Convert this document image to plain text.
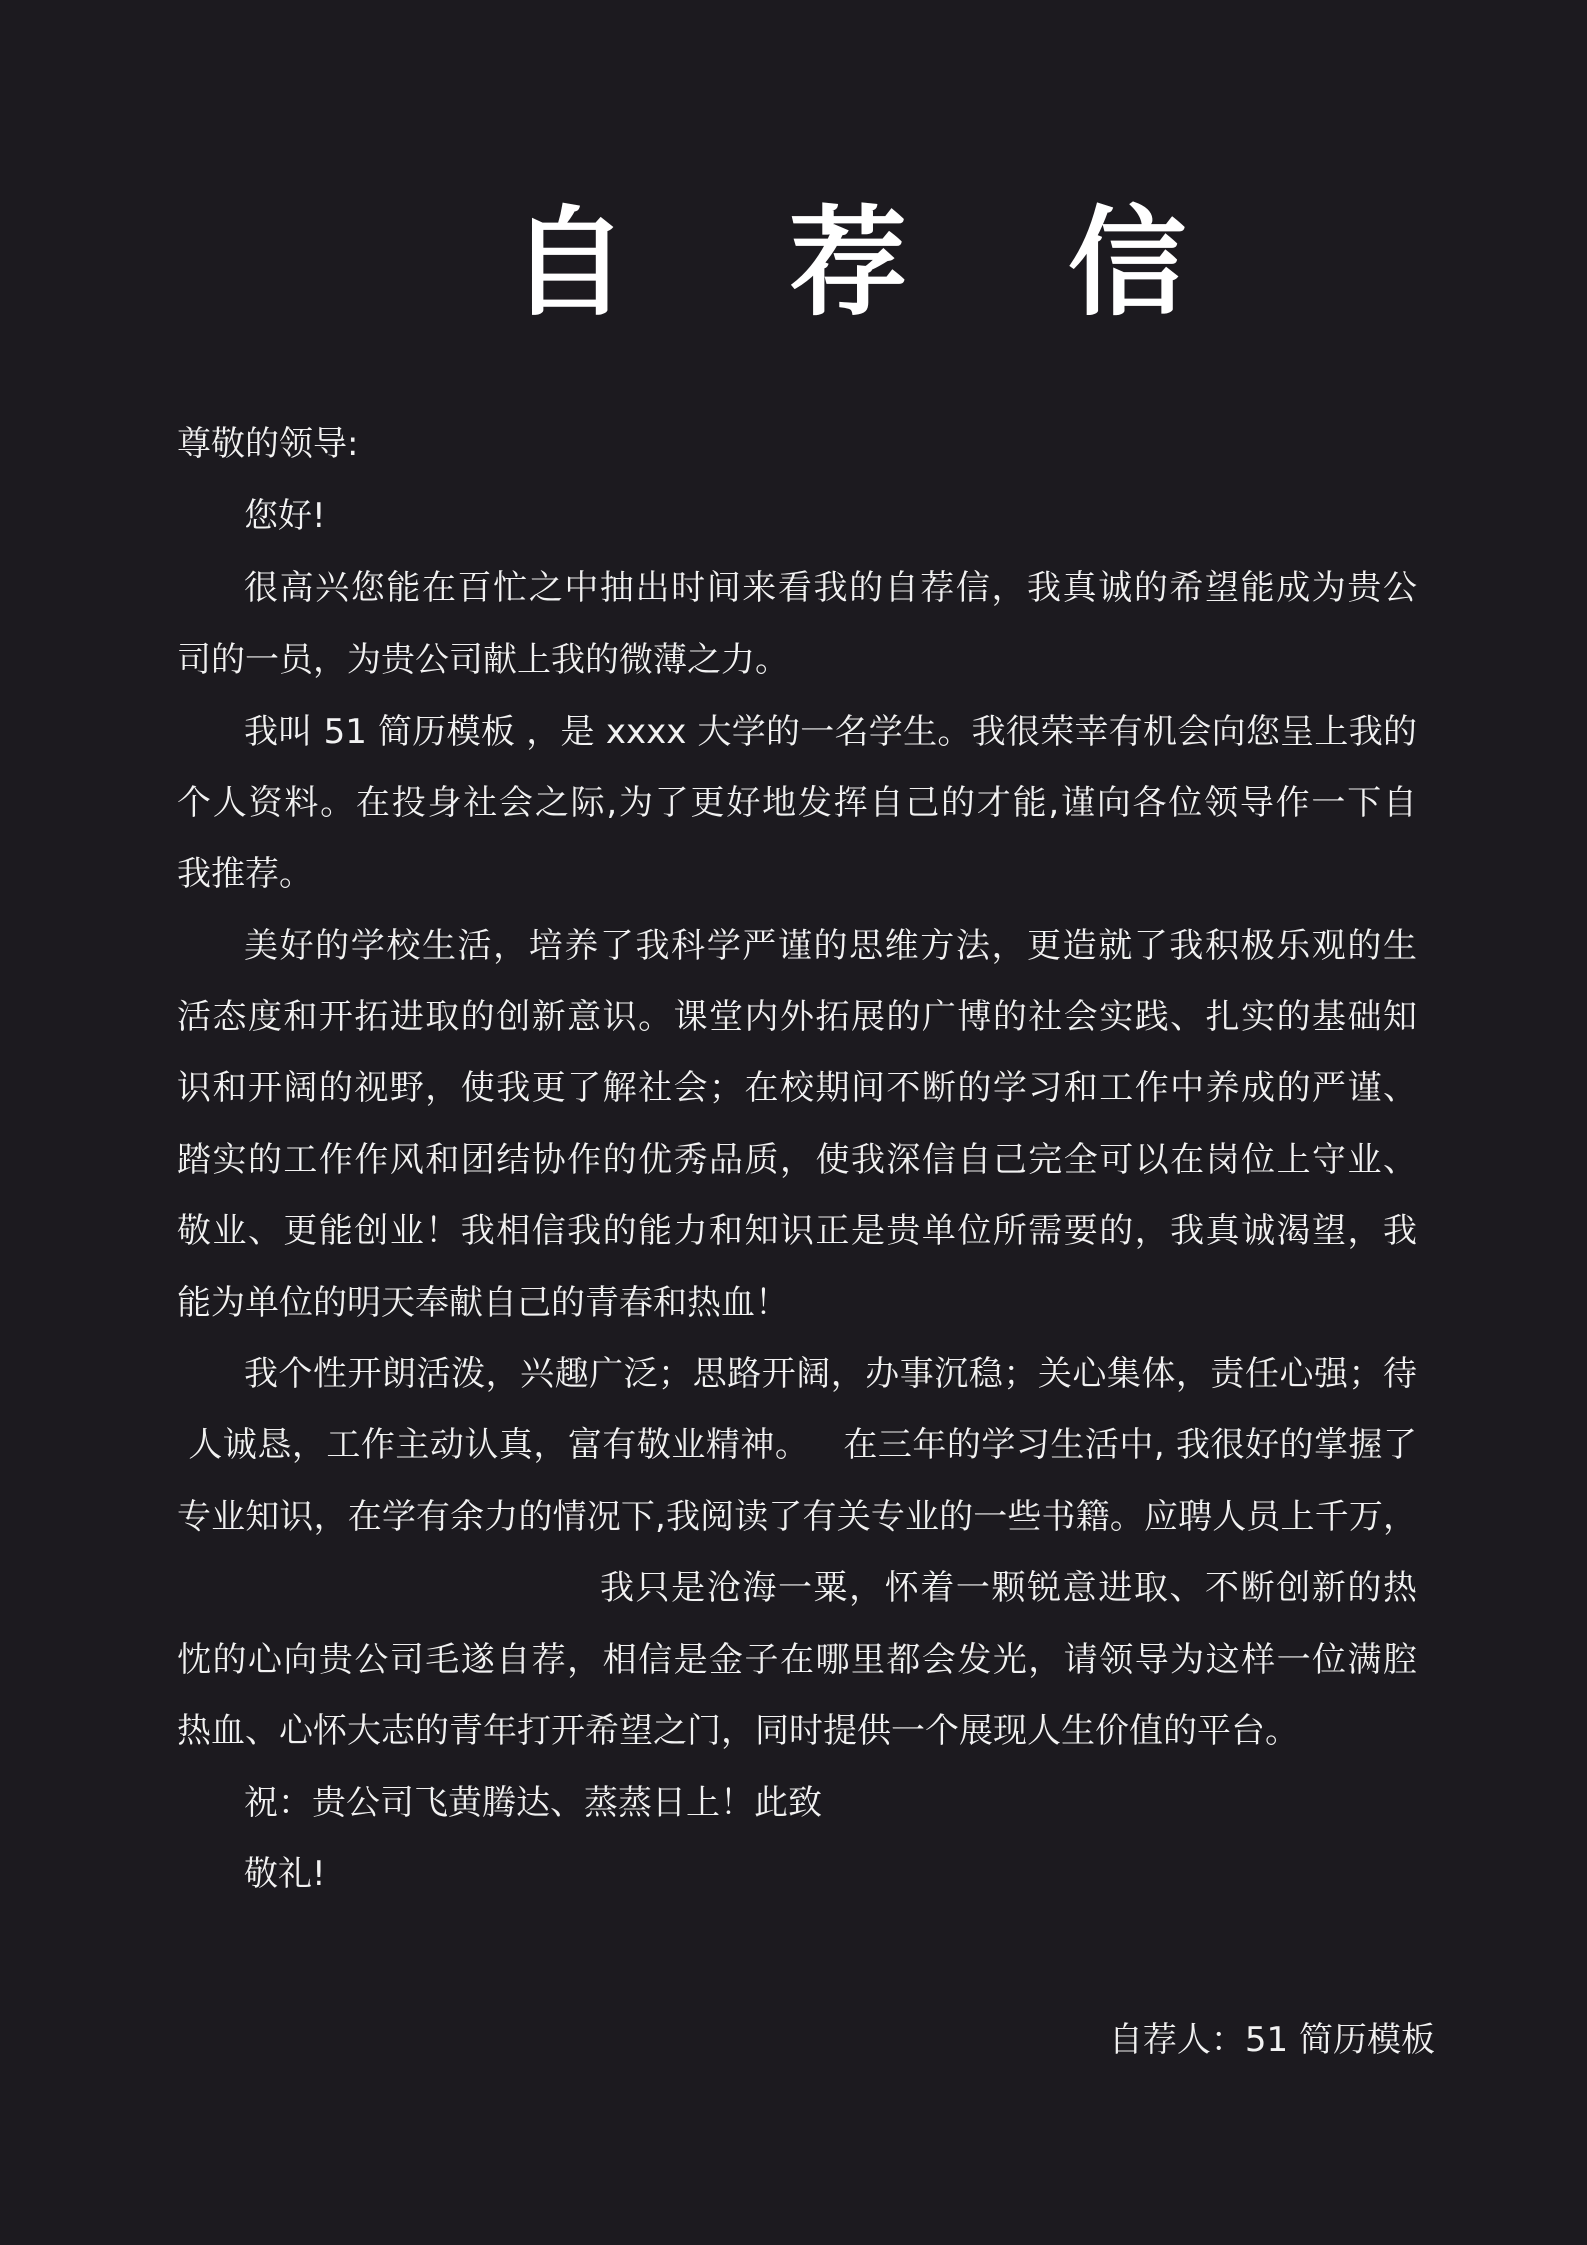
自 荐 信

尊敬的领导:

您好!

很高兴您能在百忙之中抽出时间来看我的自荐信，我真诚的希望能成为贵公

司的一员，为贵公司献上我的微薄之力。

我叫 51 简历模板 ，是 xxxx 大学的一名学生。我很荣幸有机会向您呈上我的

个人资料。在投身社会之际,为了更好地发挥自己的才能,谨向各位领导作一下自

我推荐。

美好的学校生活，培养了我科学严谨的思维方法，更造就了我积极乐观的生

活态度和开拓进取的创新意识。课堂内外拓展的广博的社会实践、扎实的基础知

识和开阔的视野，使我更了解社会；在校期间不断的学习和工作中养成的严谨、

踏实的工作作风和团结协作的优秀品质，使我深信自己完全可以在岗位上守业、

敬业、更能创业！我相信我的能力和知识正是贵单位所需要的，我真诚渴望，我

能为单位的明天奉献自己的青春和热血！

我个性开朗活泼，兴趣广泛；思路开阔，办事沉稳；关心集体，责任心强；待

人诚恳，工作主动认真，富有敬业精神。   在三年的学习生活中, 我很好的掌握了

专业知识，在学有余力的情况下,我阅读了有关专业的一些书籍。应聘人员上千万，

我只是沧海一粟，怀着一颗锐意进取、不断创新的热

忱的心向贵公司毛遂自荐，相信是金子在哪里都会发光，请领导为这样一位满腔

热血、心怀大志的青年打开希望之门，同时提供一个展现人生价值的平台。

祝：贵公司飞黄腾达、蒸蒸日上！此致

敬礼!

自荐人：51 简历模板
